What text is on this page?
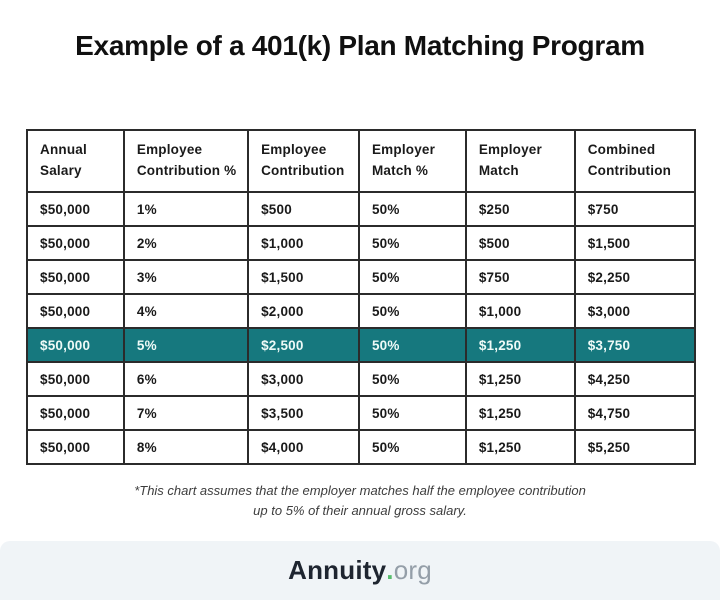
Example of a 401(k) Plan Matching Program
Annual Salary	Employee Contribution %	Employee Contribution	Employer Match %	Employer Match	Combined Contribution
$50,000	1%	$500	50%	$250	$750
$50,000	2%	$1,000	50%	$500	$1,500
$50,000	3%	$1,500	50%	$750	$2,250
$50,000	4%	$2,000	50%	$1,000	$3,000
$50,000	5%	$2,500	50%	$1,250	$3,750
$50,000	6%	$3,000	50%	$1,250	$4,250
$50,000	7%	$3,500	50%	$1,250	$4,750
$50,000	8%	$4,000	50%	$1,250	$5,250
*This chart assumes that the employer matches half the employee contribution
up to 5% of their annual gross salary.
Annuity . org
